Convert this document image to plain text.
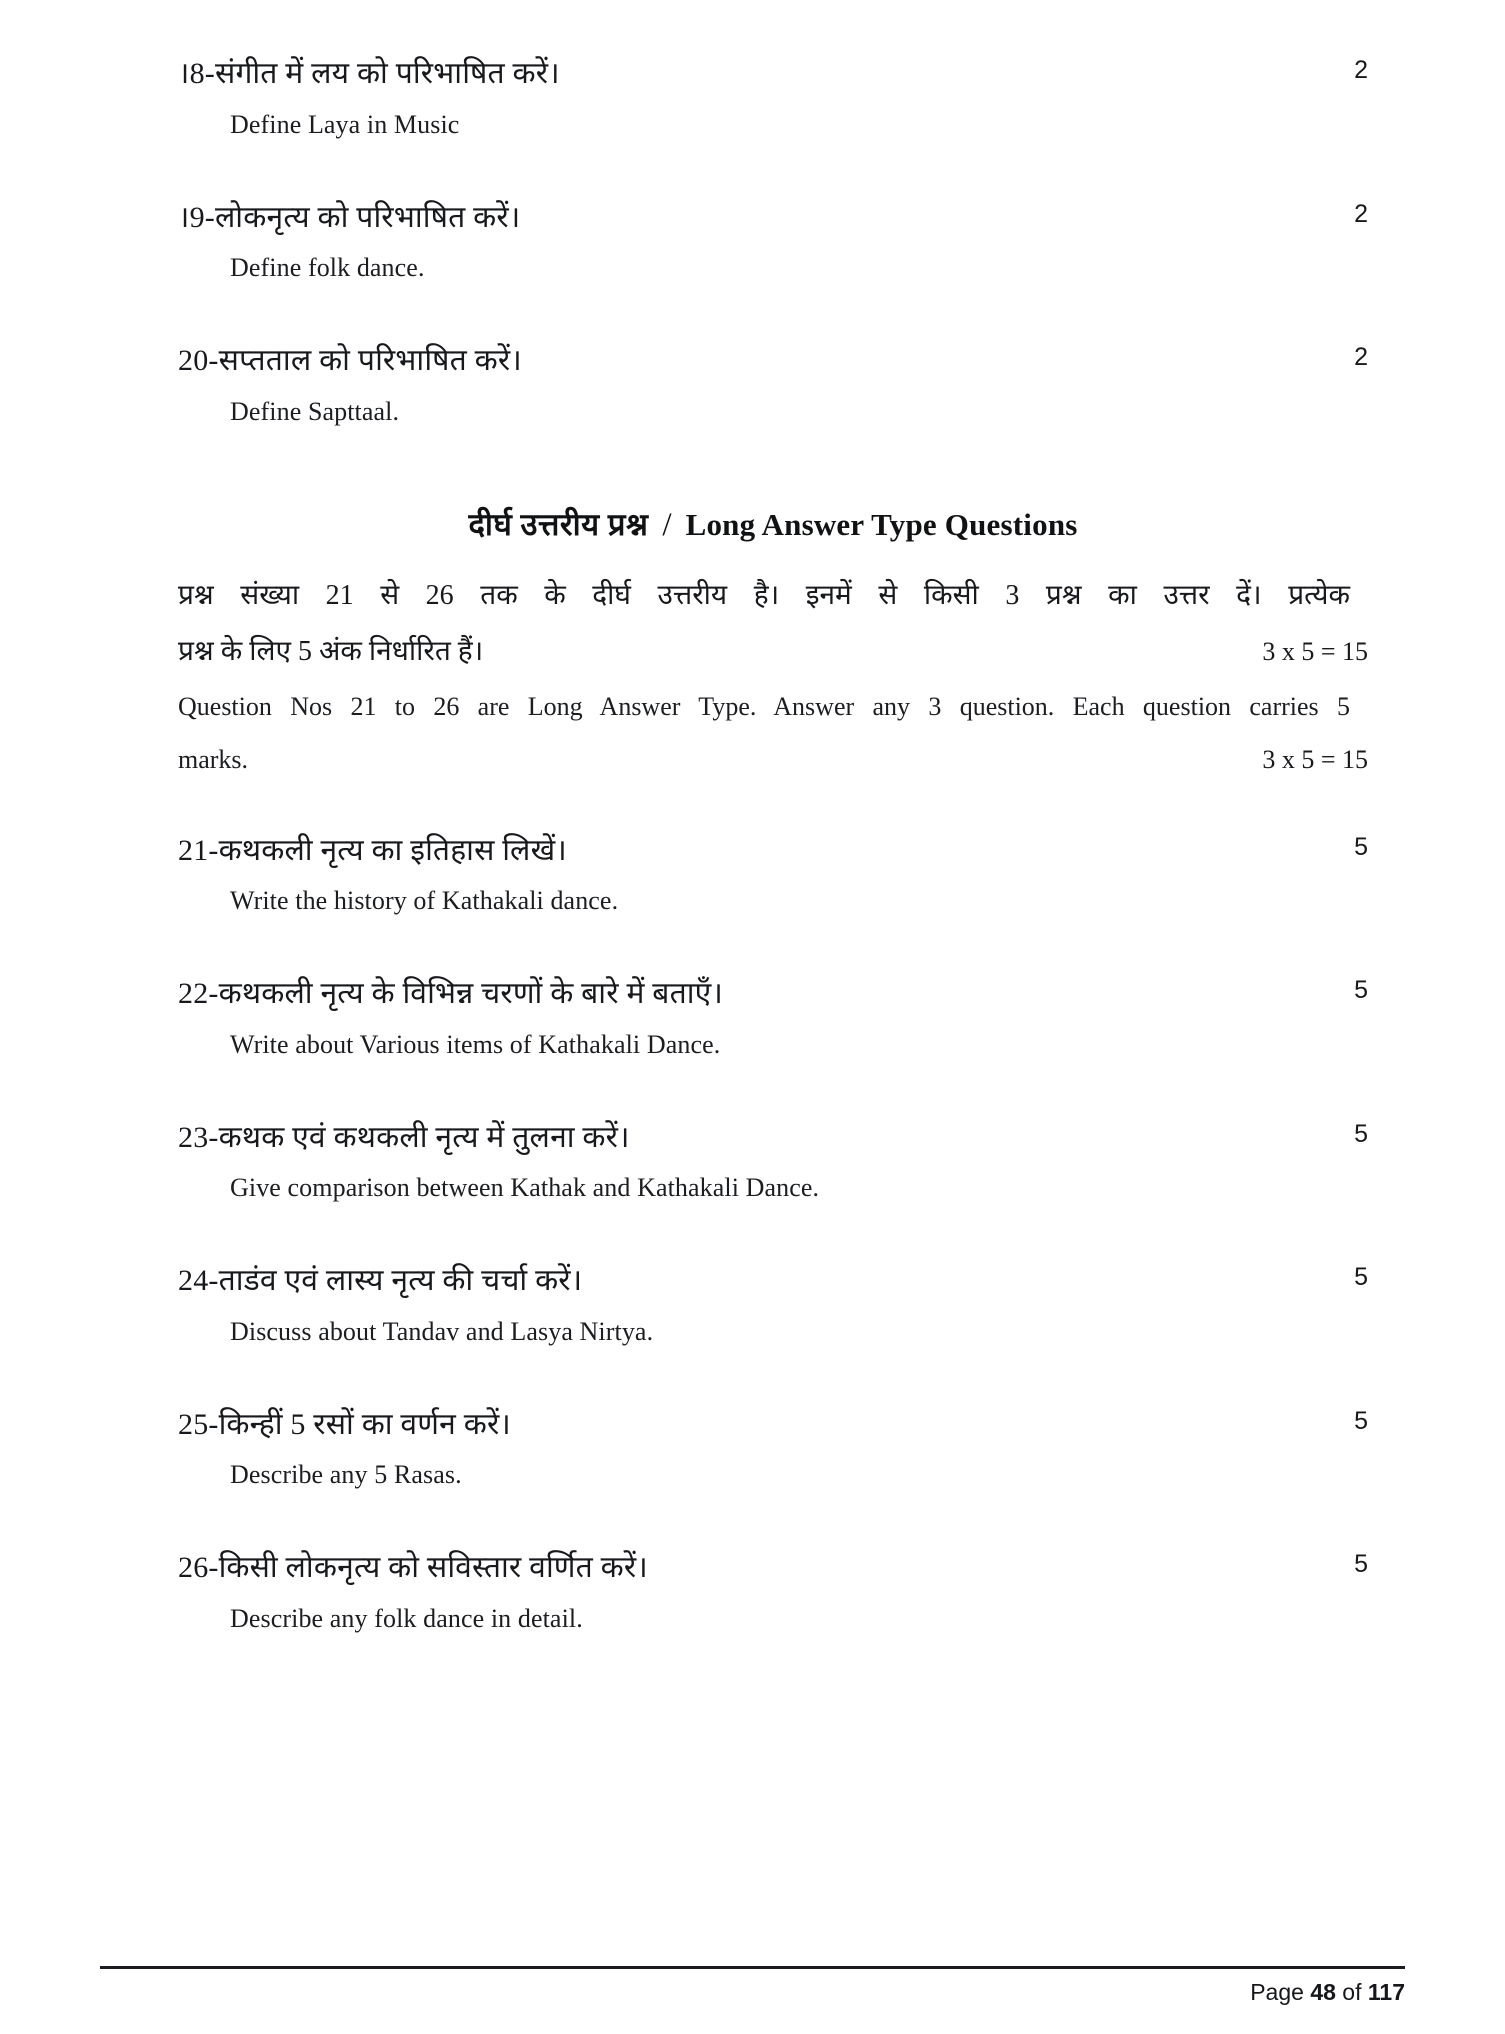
।8-संगीत में लय को परिभाषित करें।	2
Define Laya in Music
।9-लोकनृत्य को परिभाषित करें।	2
Define folk dance.
20-सप्तताल को परिभाषित करें।	2
Define Sapttaal.
दीर्घ उत्तरीय प्रश्न / Long Answer Type Questions
प्रश्न संख्या 21 से 26 तक के दीर्घ उत्तरीय है। इनमें से किसी 3 प्रश्न का उत्तर दें। प्रत्येक
प्रश्न के लिए 5 अंक निर्धारित हैं।	3 x 5 = 15
Question Nos 21 to 26 are Long Answer Type. Answer any 3 question. Each question carries 5
marks.	3 x 5 = 15
21-कथकली नृत्य का इतिहास लिखें।	5
Write the history of Kathakali dance.
22-कथकली नृत्य के विभिन्न चरणों के बारे में बताएँ।	5
Write about Various items of Kathakali Dance.
23-कथक एवं कथकली नृत्य में तुलना करें।	5
Give comparison between Kathak and Kathakali Dance.
24-ताडंव एवं लास्य नृत्य की चर्चा करें।	5
Discuss about Tandav and Lasya Nirtya.
25-किन्हीं 5 रसों का वर्णन करें।	5
Describe any 5 Rasas.
26-किसी लोकनृत्य को सविस्तार वर्णित करें।	5
Describe any folk dance in detail.
Page 48 of 117
